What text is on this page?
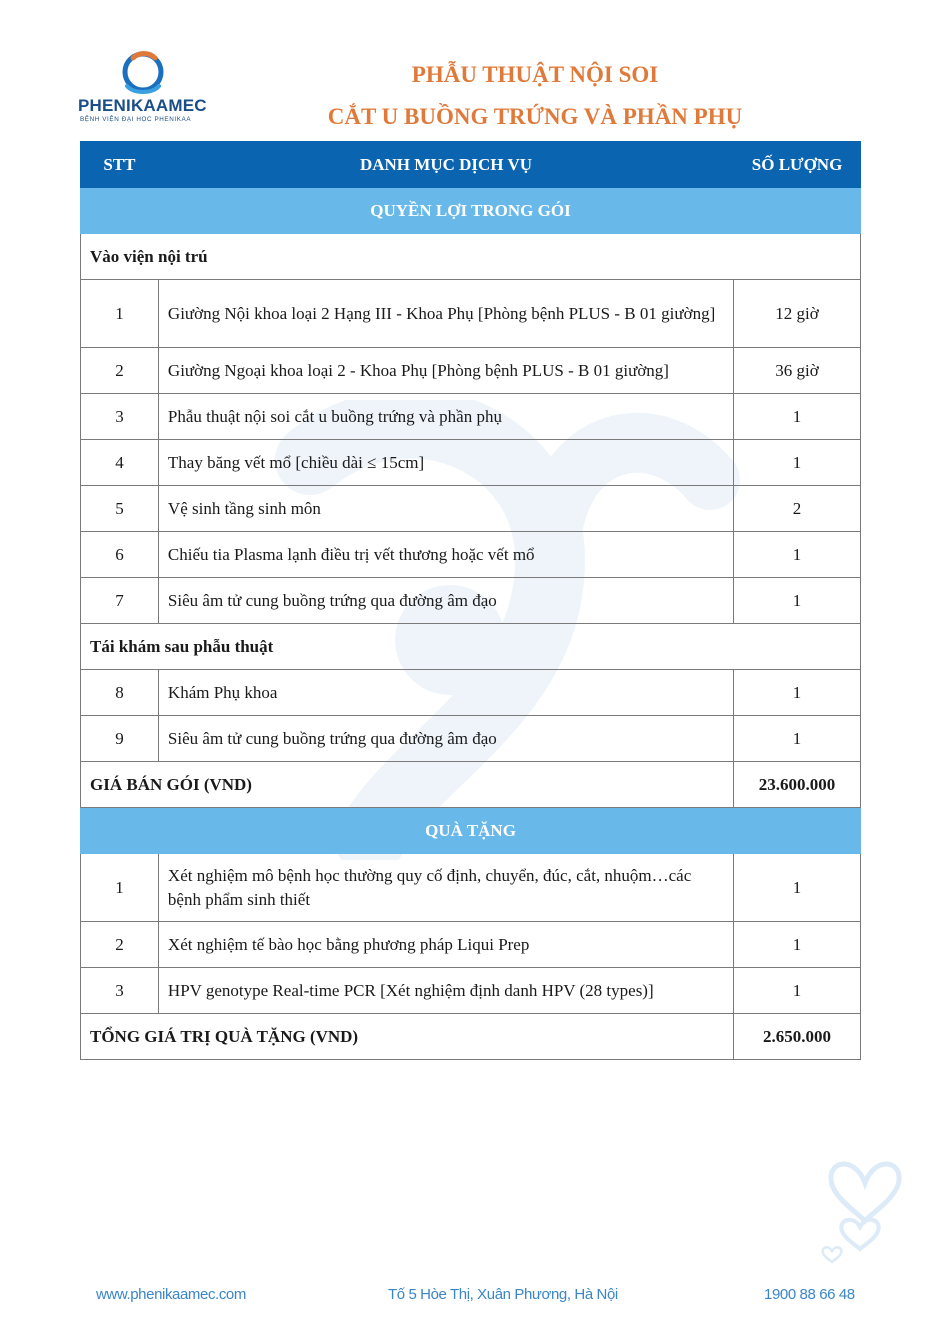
PHENIKAAMEC
BỆNH VIỆN ĐẠI HỌC PHENIKAA
PHẪU THUẬT NỘI SOI
CẮT U BUỒNG TRỨNG VÀ PHẦN PHỤ
STT	DANH MỤC DỊCH VỤ	SỐ LƯỢNG
QUYỀN LỢI TRONG GÓI		
Vào viện nội trú		
1	Giường Nội khoa loại 2 Hạng III - Khoa Phụ [Phòng bệnh PLUS - B 01 giường]	12 giờ
2	Giường Ngoại khoa loại 2 - Khoa Phụ [Phòng bệnh PLUS - B 01 giường]	36 giờ
3	Phẫu thuật nội soi cắt u buồng trứng và phần phụ	1
4	Thay băng vết mổ [chiều dài ≤ 15cm]	1
5	Vệ sinh tầng sinh môn	2
6	Chiếu tia Plasma lạnh điều trị vết thương hoặc vết mổ	1
7	Siêu âm tử cung buồng trứng qua đường âm đạo	1
Tái khám sau phẫu thuật		
8	Khám Phụ khoa	1
9	Siêu âm tử cung buồng trứng qua đường âm đạo	1
GIÁ BÁN GÓI (VND)		23.600.000
QUÀ TẶNG		
1	Xét nghiệm mô bệnh học thường quy cố định, chuyển, đúc, cắt, nhuộm…các bệnh phẩm sinh thiết	1
2	Xét nghiệm tế bào học bằng phương pháp Liqui Prep	1
3	HPV genotype Real-time PCR [Xét nghiệm định danh HPV (28 types)]	1
TỔNG GIÁ TRỊ QUÀ TẶNG (VND)		2.650.000
www.phenikaamec.com	Tố 5 Hòe Thị, Xuân Phương, Hà Nội	1900 88 66 48
